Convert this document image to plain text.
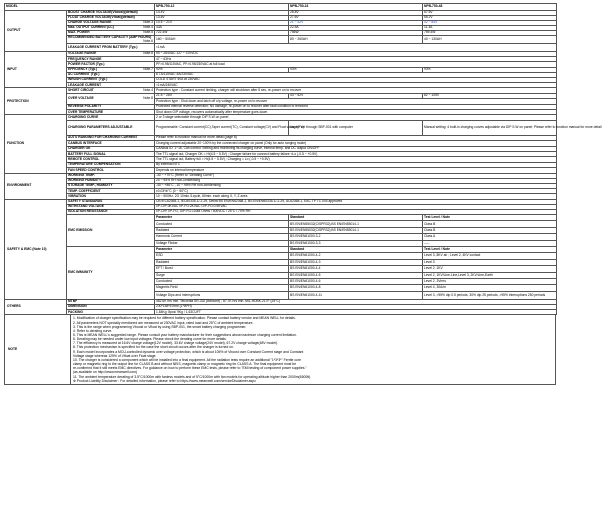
MODEL		NPB-750-12	NPB-750-24	NPB-750-48
OUTPUT	BOOST CHARGE VOLTAGE(Vboost)(default)	14.4V	28.8V	57.6V

	FLOAT CHARGE VOLTAGE(Vfloat)(default)	13.8V	27.6V	55.2V

	CHARGE VOLTAGE RANGE Note.3	10.5 ~ 21V	21 ~ 42V	42 ~ 84V

	Max. OUTPUT CURRENT(CC) Note.4	43A	22.5A	11.3A

	MAX. POWER Note.5	722.4W	756W	759.4W

	RECOMMENDED BATTERY CAPACITY (AMP HOURS)
Note.6	160 ~ 500AH	80 ~ 260AH	40 ~ 130AH

	LEAKAGE CURRENT FROM BATTERY (Typ.)	<1mA		

INPUT	VOLTAGE RANGE Note.8	90 ~ 264VAC 127 ~ 370VDC		

	FREQUENCY RANGE	47 ~ 63Hz		

	POWER FACTOR (Typ.)	PF>0.98/115VAC, PF>0.95/230VAC at full load		

	EFFICIENCY (Typ.) Note.7	92%	93%	93%

	AC CURRENT (Typ.)	6.7A/115VAC 4A/230VAC		

	INRUSH CURRENT (Typ.)	COLD START 50A at 230VAC		

	LEAKAGE CURRENT	<1mA/240VAC		

PROTECTION	SHORT CIRCUIT Note.4	Protection type : Constant current limiting, charger will shutdown after 5 sec, re-power on to recover		

	OVER VOLTAGE Note.8	21.5 ~ 26V	43 ~ 52V	82 ~ 105V

		Protection type : Shut down and latch off o/p voltage, re-power on to recover		
	REVERSE POLARITY	Protected internal reverse detection; No damage, re-power on to recover after fault condition is removed		

	OVER TEMPERATURE	Shut down O/P voltage, recovers automatically after temperature goes down		

FUNCTION	CHARGING CURVE	2 or 3 stage selectable through DIP S.W on panel		

	CHARGING PARAMETERS ADJUSTABLE	Programmable: Constant current(CC),Taper current(TC), Constant voltage(CV) and Float voltage(FV)	can be set through SBP-001 with computer	Manual setting: 4 built-in charging curves adjustable via DIP S.W on panel; Please refer to function manual for more detail

	AUTO RANGING FOR CHARGING CURRENT	Please refer to function manual for more detail (page 8)		

	CANBUS INTERFACE	Charging current adjustable 20~100% by the connected charger on panel (Only for auto ranging mode)		

	CHARGER OK	CANbus ID: 1~16, Can control: Setting and monitoring its charging curve, internal temp. and DC output ON/OFF		

	BATTERY FULL SIGNAL	The TTL signal out, Charger OK = Hi(4.5 ~ 5.5V) ; Charger failure for connect battery failure <Lo (-0.5 ~ +0.5V)		

	REMOTE CONTROL	The TTL signal out, Battery full = Hi(4.5 ~ 5.5V) ; Charging = Lo (-0.5 ~ +0.5V)		

	TEMPERATURE COMPENSATION	By external NTC		

	FAN SPEED CONTROL	Depends on internal temperature		

ENVIRONMENT	WORKING TEMP.	-30 ~ +70°C (Refer to "Derating Curve")		

	WORKING HUMIDITY	20 ~ 95% RH non-condensing		

	STORAGE TEMP., HUMIDITY	-40 ~ +85°C , 10 ~ 95% RH non-condensing		

	TEMP. COEFFICIENT	±0.03%/°C (0 ~ 50°C)		

	VIBRATION	10 ~ 500Hz, 2G 10min./1cycle, 60min. each along X, Y, Z axes		

SAFETY & EMC (Note 10)	SAFETY STANDARDS	CB IEC62368-1, IEC60335-1/-2-29, Dekra BS EN/EN62368-1, BS EN/EN60335-1/-2-29, UL62368-1, EAC TP TC 004 approved		
	WITHSTAND VOLTAGE	I/P-O/P:3KVAC I/P-FG:2KVAC O/P-FG:0.5KVAC		
	ISOLATION RESISTANCE	I/P-O/P, I/P-FG, O/P-FG:100M Ohms / 500VDC / 25°C / 70% RH		
	EMC EMISSION	Parameter	Standard	Test Level / Note
		Conducted	BS EN/EN55032(CISPR32),BS EN/EN55014-1	Class B
		Radiated	BS EN/EN55032(CISPR32),BS EN/EN55014-1	Class B
		Harmonic Current	BS EN/EN61000-3-2	Class A
		Voltage Flicker	BS EN/EN61000-3-3	-----
	EMC IMMUNITY	Parameter	Standard	Test Level / Note
		ESD	BS EN/EN61000-4-2	Level 3, 8KV air ; Level 2, 4KV contact
		Radiated	BS EN/EN61000-4-3	Level 3
		EFT / Burst	BS EN/EN61000-4-4	Level 2, 1KV
		Surge	BS EN/EN61000-4-5	Level 2, 1KV/Line-Line,Level 3, 2KV/Line-Earth
		Conducted	BS EN/EN61000-4-6	Level 2, 3Vrms
		Magnetic Field	BS EN/EN61000-4-8	Level 4, 30A/m
		Voltage Dips and Interruptions	BS EN/EN61000-4-11	Level 3, >95% dip 0.5 periods, 30% dip 25 periods, >95% interruptions 250 periods
OTHERS	MTBF	462.6K hrs min. Telcordia SR-332 (Bellcore) ; 87.7K hrs min. MIL-HDBK-217F (25°C)		

	DIMENSION	230*158*67mm (L*W*H)		

	PACKING	1.84Kg; 8pcs/ 9Kg / 1.63CUFT		
NOTE
1. Modification of charger specification may be required for different battery specification. Please contact battery vendor and MEAN WELL for details.
2. All parameters NOT specially mentioned are measured at 230VAC input, rated load and 25°C of ambient temperature.
3. This is the range when programming Vboost or Vfloat by using SBP-001, the smart battery charging programmer.
4. Refer to derating curve.
5. This is MEAN WELL's suggested range. Please consult your battery manufacturer for their suggestions about maximum charging current limitation.
6. Derating may be needed under low input voltages. Please check the derating curve for more details.
7. The efficiency is measured at 16.6V charge voltage(12V model), 33.6V charge voltage(24V model), 67.2V charge voltage(48V model).
8. This protection mechanism is specified for the case the short circuit occurs after the charger is turned on.
9. Each model incorporates a MCU-controlled dynamic over voltage protection, which is about 105% of Vboost over Constant Current stage and Constant
Voltage stage whereas 125% of Vfloat over Float stage.
10. The charger is considered a component which will be installed into a final equipment. All the radiation tests require an additional "1*3*3*" Ferrite core
clamp or magnetic ring to the output line for CLASS B and without NEIS, magnetic clamp or magnetic ring for CLASS A. The final equipment must be
re-confirmed that it still meets EMC directives. For guidance on how to perform these EMC tests, please refer to "EMI testing of component power supplies."
(as available on http://www.meanwell.com)
11. The ambient temperature derating of 3.5°C/1000m with fanless models and of 5°C/1000m with fan models for operating altitude higher than 2000m(6500ft).
※ Product Liability Disclaimer : For detailed information, please refer to https://www.meanwell.com/serviceDisclaimer.aspx
